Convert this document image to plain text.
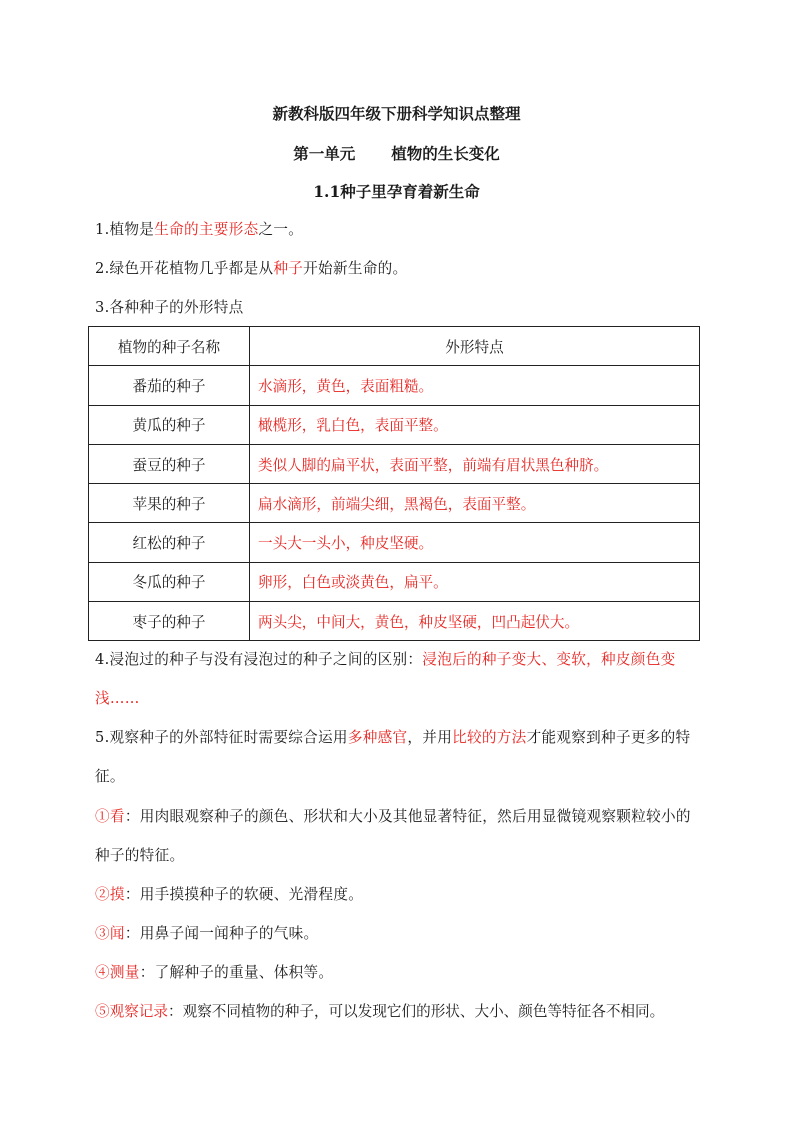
新教科版四年级下册科学知识点整理
第一单元 植物的生长变化
1.1种子里孕育着新生命
1.植物是生命的主要形态之一。
2.绿色开花植物几乎都是从种子开始新生命的。
3.各种种子的外形特点
植物的种子名称	外形特点
番茄的种子	水滴形，黄色，表面粗糙。
黄瓜的种子	橄榄形，乳白色，表面平整。
蚕豆的种子	类似人脚的扁平状，表面平整，前端有眉状黑色种脐。
苹果的种子	扁水滴形，前端尖细，黑褐色，表面平整。
红松的种子	一头大一头小，种皮坚硬。
冬瓜的种子	卵形，白色或淡黄色，扁平。
枣子的种子	两头尖，中间大，黄色，种皮坚硬，凹凸起伏大。
4.浸泡过的种子与没有浸泡过的种子之间的区别：浸泡后的种子变大、变软，种皮颜色变浅……
5.观察种子的外部特征时需要综合运用多种感官，并用比较的方法才能观察到种子更多的特征。
①看：用肉眼观察种子的颜色、形状和大小及其他显著特征，然后用显微镜观察颗粒较小的种子的特征。
②摸：用手摸摸种子的软硬、光滑程度。
③闻：用鼻子闻一闻种子的气味。
④测量：了解种子的重量、体积等。
⑤观察记录：观察不同植物的种子，可以发现它们的形状、大小、颜色等特征各不相同。
